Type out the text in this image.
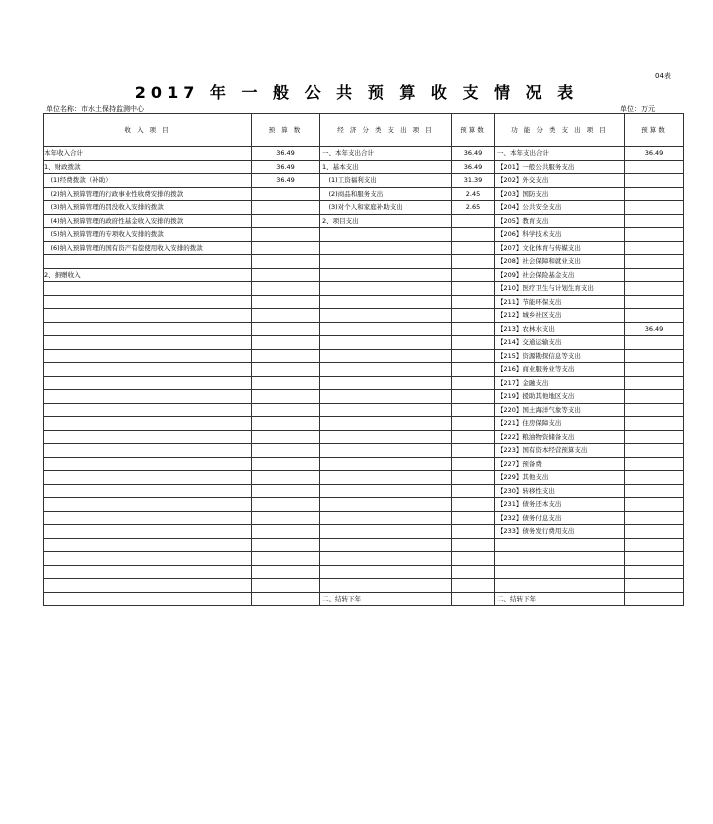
04表
2017 年 一 般 公 共 预 算 收 支 情 况 表
单位名称：市水土保持监测中心	单位：万元
收 入 项 目	预 算 数	经 济 分 类 支 出 项 目	预算数	功 能 分 类 支 出 项 目	预算数
本年收入合计	36.49	一、本年支出合计	36.49	一、本年支出合计	36.49
1、财政拨款	36.49	1、基本支出	36.49	【201】一般公共服务支出	
　(1)经费拨款（补助）	36.49	　(1)工资福利支出	31.39	【202】外交支出	
　(2)纳入预算管理的行政事业性收费安排的拨款		　(2)商品和服务支出	2.45	【203】国防支出	
　(3)纳入预算管理的罚没收入安排的拨款		　(3)对个人和家庭补助支出	2.65	【204】公共安全支出	
　(4)纳入预算管理的政府性基金收入安排的拨款		2、项目支出		【205】教育支出	
　(5)纳入预算管理的专项收入安排的拨款				【206】科学技术支出	
　(6)纳入预算管理的国有资产有偿使用收入安排的拨款				【207】文化体育与传媒支出	
				【208】社会保障和就业支出	
2、捐赠收入				【209】社会保险基金支出	
				【210】医疗卫生与计划生育支出	
				【211】节能环保支出	
				【212】城乡社区支出	
				【213】农林水支出	36.49
				【214】交通运输支出	
				【215】资源勘探信息等支出	
				【216】商业服务业等支出	
				【217】金融支出	
				【219】援助其他地区支出	
				【220】国土海洋气象等支出	
				【221】住房保障支出	
				【222】粮油物资储备支出	
				【223】国有资本经营预算支出	
				【227】预备费	
				【229】其他支出	
				【230】转移性支出	
				【231】债务还本支出	
				【232】债务付息支出	
				【233】债务发行费用支出	

		二、结转下年		二、结转下年	
